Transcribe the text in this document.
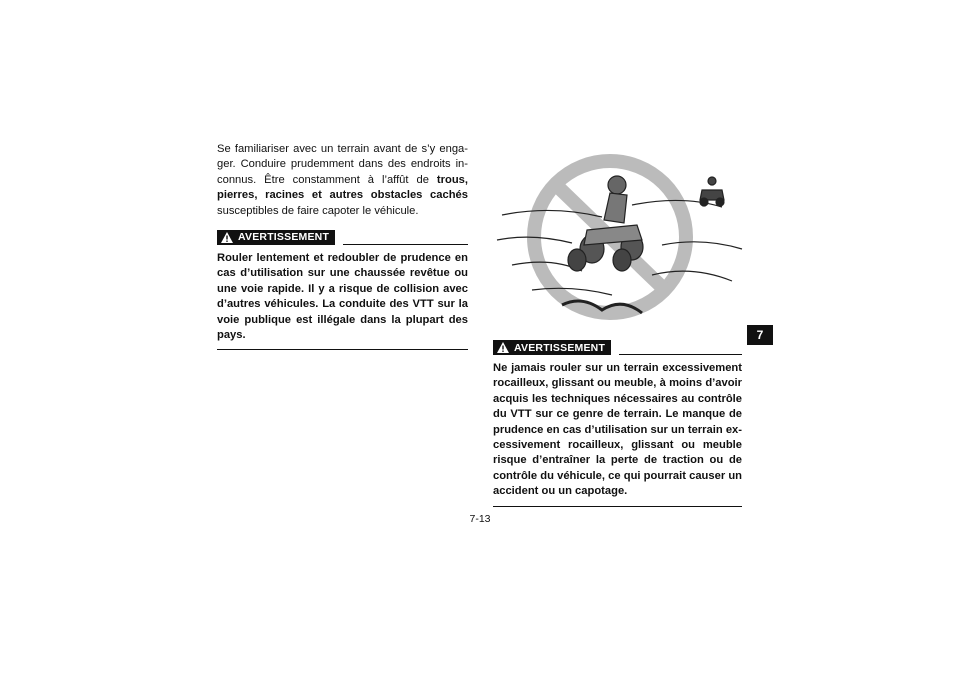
Se familiariser avec un terrain avant de s’y enga-
ger. Conduire prudemment dans des endroits in-
connus. Être constamment à l’affût de trous,
pierres, racines et autres obstacles cachés
susceptibles de faire capoter le véhicule.
AVERTISSEMENT
Rouler lentement et redoubler de prudence en
cas d’utilisation sur une chaussée revêtue ou
une voie rapide. Il y a risque de collision avec
d’autres véhicules. La conduite des VTT sur la
voie publique est illégale dans la plupart des
pays.
AVERTISSEMENT
Ne jamais rouler sur un terrain excessivement
rocailleux, glissant ou meuble, à moins d’avoir
acquis les techniques nécessaires au contrôle
du VTT sur ce genre de terrain. Le manque de
prudence en cas d’utilisation sur un terrain ex-
cessivement rocailleux, glissant ou meuble
risque d’entraîner la perte de traction ou de
contrôle du véhicule, ce qui pourrait causer un
accident ou un capotage.
7
7-13
